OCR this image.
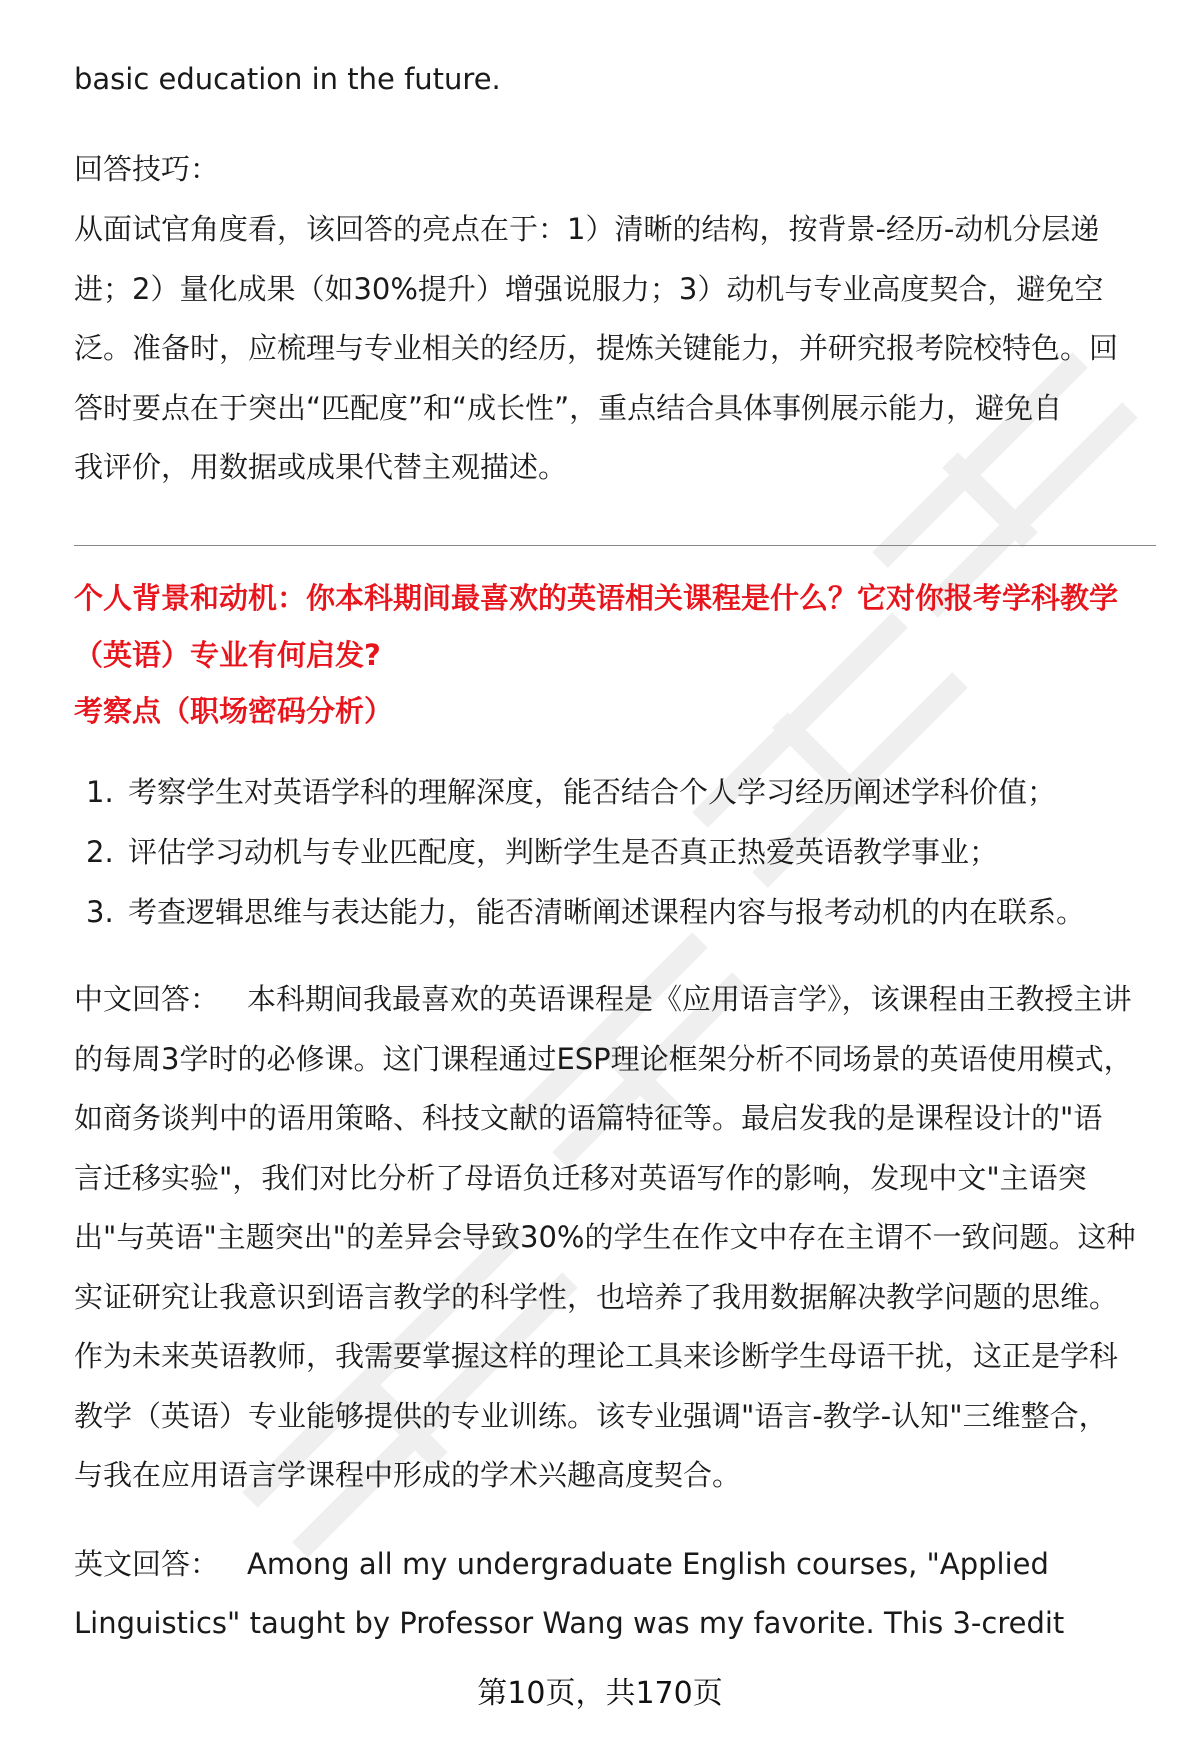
basic education in the future.

回答技巧：

从面试官角度看，该回答的亮点在于：1）清晰的结构，按背景-经历-动机分层递

进；2）量化成果（如30%提升）增强说服力；3）动机与专业高度契合，避免空

泛。准备时，应梳理与专业相关的经历，提炼关键能力，并研究报考院校特色。回

答时要点在于突出“匹配度”和“成长性”，重点结合具体事例展示能力，避免自

我评价，用数据或成果代替主观描述。

个人背景和动机：你本科期间最喜欢的英语相关课程是什么？它对你报考学科教学
（英语）专业有何启发?
考察点（职场密码分析）
1. 考察学生对英语学科的理解深度，能否结合个人学习经历阐述学科价值；
2. 评估学习动机与专业匹配度，判断学生是否真正热爱英语教学事业；
3. 考查逻辑思维与表达能力，能否清晰阐述课程内容与报考动机的内在联系。

中文回答： 本科期间我最喜欢的英语课程是《应用语言学》，该课程由王教授主讲

的每周3学时的必修课。这门课程通过ESP理论框架分析不同场景的英语使用模式，

如商务谈判中的语用策略、科技文献的语篇特征等。最启发我的是课程设计的"语

言迁移实验"，我们对比分析了母语负迁移对英语写作的影响，发现中文"主语突

出"与英语"主题突出"的差异会导致30%的学生在作文中存在主谓不一致问题。这种

实证研究让我意识到语言教学的科学性，也培养了我用数据解决教学问题的思维。

作为未来英语教师，我需要掌握这样的理论工具来诊断学生母语干扰，这正是学科

教学（英语）专业能够提供的专业训练。该专业强调"语言-教学-认知"三维整合，

与我在应用语言学课程中形成的学术兴趣高度契合。

英文回答： Among all my undergraduate English courses, "Applied

Linguistics" taught by Professor Wang was my favorite. This 3-credit

第10页，共170页
